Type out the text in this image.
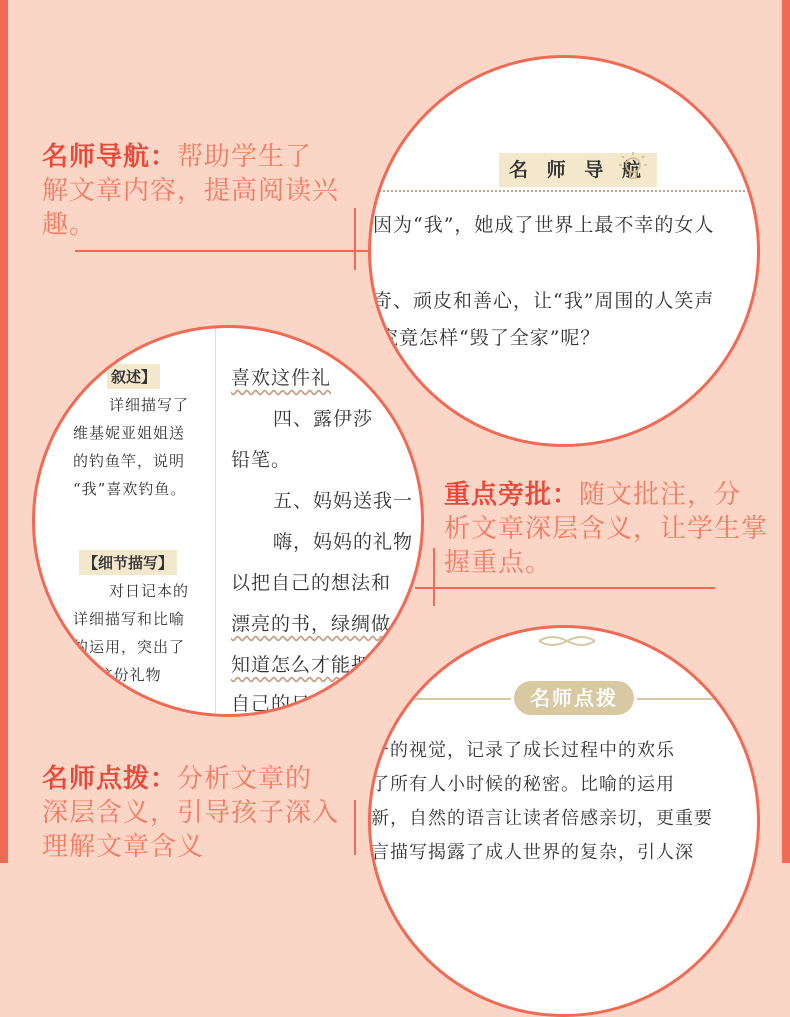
名师导航：帮助学生了
解文章内容，提高阅读兴
趣。
重点旁批：随文批注，分
析文章深层含义，让学生掌
握重点。
名师点拨：分析文章的
深层含义，引导孩子深入
理解文章含义
名 师 导 航
因为“我”，她成了世界上最不幸的女人
奇、顽皮和善心，让“我”周围的人笑声
究竟怎样“毁了全家”呢？
叙述】
详细描写了
维基妮亚姐姐送
的钓鱼竿，说明
“我”喜欢钓鱼。
【细节描写】
对日记本的
详细描写和比喻
的运用，突出了
”对这份礼物
喜欢这件礼
四、露伊莎
铅笔。
五、妈妈送我一
嗨，妈妈的礼物
以把自己的想法和
漂亮的书，绿绸做
知道怎么才能把
自己的日	名师点拨
子的视觉，记录了成长过程中的欢乐
了所有人小时候的秘密。比喻的运用
新，自然的语言让读者倍感亲切，更重要
言描写揭露了成人世界的复杂，引人深
